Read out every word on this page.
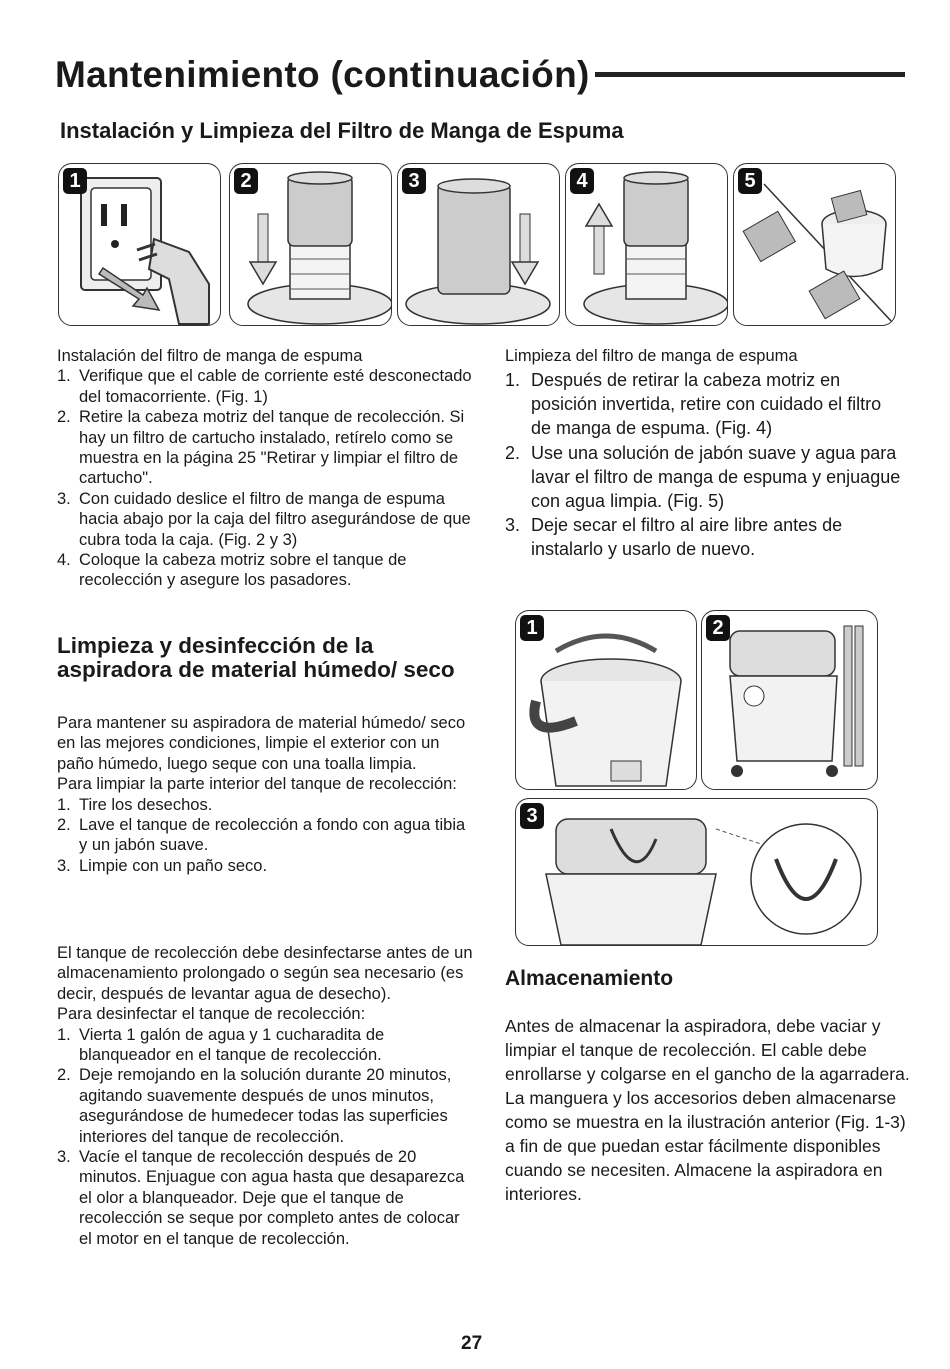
Mantenimiento (continuación)
Instalación y Limpieza del Filtro de Manga de Espuma
1	2	3	4	5

Instalación del filtro de manga de espuma

1. Verifique que el cable de corriente esté desconectado del tomacorriente. (Fig. 1)
2. Retire la cabeza motriz del tanque de recolección. Si hay un filtro de cartucho instalado, retírelo como se muestra en la página 25 "Retirar y limpiar el filtro de cartucho".
3. Con cuidado deslice el filtro de manga de espuma hacia abajo por la caja del filtro asegurándose de que cubra toda la caja. (Fig. 2 y 3)
4. Coloque la cabeza motriz sobre el tanque de recolección y asegure los pasadores.
Limpieza y desinfección de la aspiradora de material húmedo/ seco

Para mantener su aspiradora de material húmedo/ seco en las mejores condiciones, limpie el exterior con un paño húmedo, luego seque con una toalla limpia.

Para limpiar la parte interior del tanque de recolección:

1. Tire los desechos.
2. Lave el tanque de recolección a fondo con agua tibia y un jabón suave.
3. Limpie con un paño seco.

El tanque de recolección debe desinfectarse antes de un almacenamiento prolongado o según sea necesario (es decir, después de levantar agua de desecho).

Para desinfectar el tanque de recolección:

1. Vierta 1 galón de agua y 1 cucharadita de blanqueador en el tanque de recolección.
2. Deje remojando en la solución durante 20 minutos, agitando suavemente después de unos minutos, asegurándose de humedecer todas las superficies interiores del tanque de recolección.
3. Vacíe el tanque de recolección después de 20 minutos. Enjuague con agua hasta que desaparezca el olor a blanqueador. Deje que el tanque de recolección se seque por completo antes de colocar el motor en el tanque de recolección.
Limpieza del filtro de manga de espuma
1. Después de retirar la cabeza motriz en posición invertida, retire con cuidado el filtro de manga de espuma. (Fig. 4)
2. Use una solución de jabón suave y agua para lavar el filtro de manga de espuma y enjuague con agua limpia. (Fig. 5)
3. Deje secar el filtro al aire libre antes de instalarlo y usarlo de nuevo.
1	2
3
Almacenamiento
Antes de almacenar la aspiradora, debe vaciar y limpiar el tanque de recolección. El cable debe enrollarse y colgarse en el gancho de la agarradera. La manguera y los accesorios deben almacenarse como se muestra en la ilustración anterior (Fig. 1-3) a fin de que puedan estar fácilmente disponibles cuando se necesiten. Almacene la aspiradora en interiores.
27
